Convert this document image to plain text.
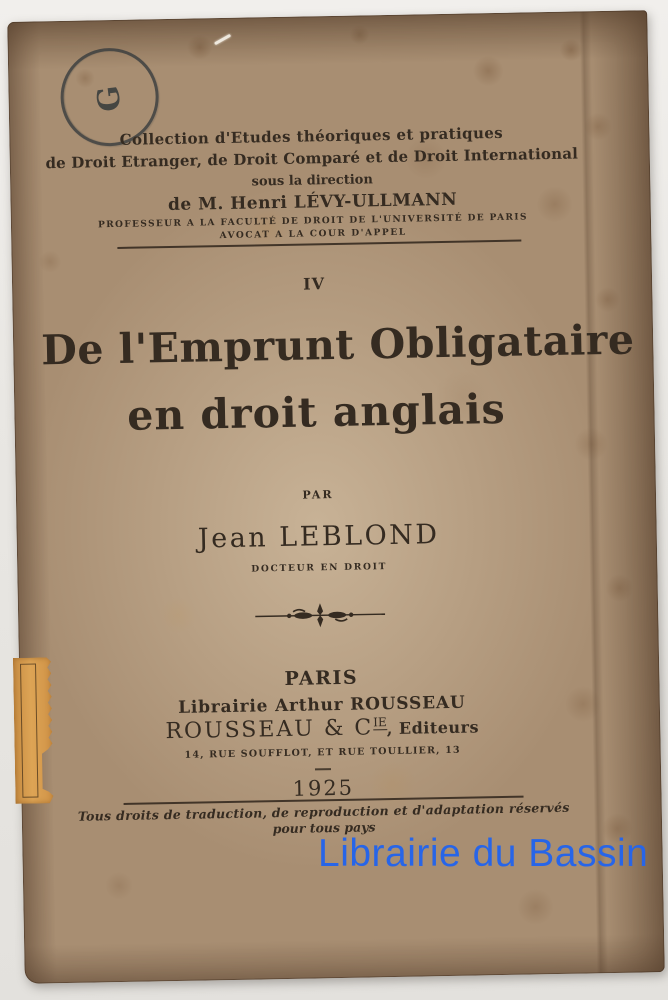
G
Collection d'Etudes théoriques et pratiques
de Droit Etranger, de Droit Comparé et de Droit International
sous la direction
de M. Henri LÉVY-ULLMANN
PROFESSEUR A LA FACULTÉ DE DROIT DE L'UNIVERSITÉ DE PARIS
AVOCAT A LA COUR D'APPEL
IV
De l'Emprunt Obligataire
en droit anglais
PAR
Jean LEBLOND
DOCTEUR EN DROIT
PARIS
Librairie Arthur ROUSSEAU
ROUSSEAU & $C^{IE}$, Editeurs
14, RUE SOUFFLOT, ET RUE TOULLIER, 13
1925
Tous droits de traduction, de reproduction et d'adaptation réservés
pour tous pays
Librairie du Bassin
